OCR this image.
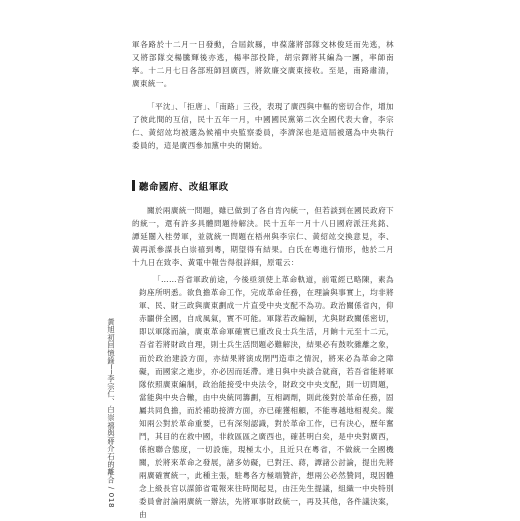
黃旭初回憶錄──李宗仁、白崇禧與蔣介石的離合 ∕ 018

軍各路於十二月一日發動，合屆欽縣，申葆藩將部隊交林俊廷而先逃，林又將部隊交楊騰輝後亦逃，楊率部投降，胡宗鐸將其編為一團，率師南寧。十二月七日各部班師回廣西，將欽廉交廣東接收。至是，南路肅清，廣東統一。

「平沈」、「拒唐」、「南路」三役，表現了廣西與中樞的密切合作，增加了彼此間的互信，民十五年一月，中國國民黨第二次全國代表大會，李宗仁、黃紹竑均被選為候補中央監察委員，李濟深也是這屆被選為中央執行委員的，這是廣西參加黨中央的開始。

聽命國府、改組軍政

關於兩廣統一問題，雖已做到了各自肯內統一，但若談到在國民政府下的統一，還有許多具體問題待解決。民十五年一月十八日國府派汪兆銘、譚延闓入桂勞軍，並就統一問題在梧州與李宗仁、黃紹竑交換意見，李、黃再派參謀長白崇禧到粵，期望得有結果。白氏在粵進行情形，他於二月十九日在致李、黃電中報告得很詳細，原電云：

「……吾省軍政前途，今後亟須使上革命軌道，前電經已略陳，素為鈞座所明悉。欲負擔革命工作，完成革命任務，在理論與事實上，均非將軍、民、財三政與廣東劃成一片直受中央支配不為功。政治關係省內，仰赤闢併全國，自成風氣，實不可能。軍隊若改編制，尤與財政關係密切，即以軍隊而論，廣東革命軍確實已重改良士兵生活，月餉十元至十二元，吾省若將財政自理，則士兵生活問題必難解決，結果必有鼓吹雜離之象，而於政治建設方面，亦結果將演成閉門造車之情況，將來必為革命之障礙，而國家之進步，亦必因而延滯。達日與中央談合就商，若吾省能將軍隊依照廣東編制，政治能接受中央法令，財政交中央支配，則一切問題，當能與中央合轍，由中央統同籌劃，互相調劑，則此後對於革命任務，固屬共同負擔，而於補助接濟方面，亦已確獲相顧，不能專越地相視矣。縱知兩公對於革命重要，已有深刻認識，對於革命工作，已有決心，歷年奮鬥，其目的在救中國，非救區區之廣西也，確甚明白矣，是中央對廣西，係抱聯合態度，一切設施，現極太小，且近只在粵省，不做統一全國機關，於將來革命之發展，諸多妨礙，已對汪、蔣，譚諸公討論，提出先將兩廣確實統一，此種主張，駐粵各方極端贊許，想兩公必然贊同，現因體念上級長官以謀節省電報來往時間起見，由汪先生提議，組織一中央特別委員會討論兩廣統一辦法，先將軍事財政統一，再及其他，各件議決案，由
